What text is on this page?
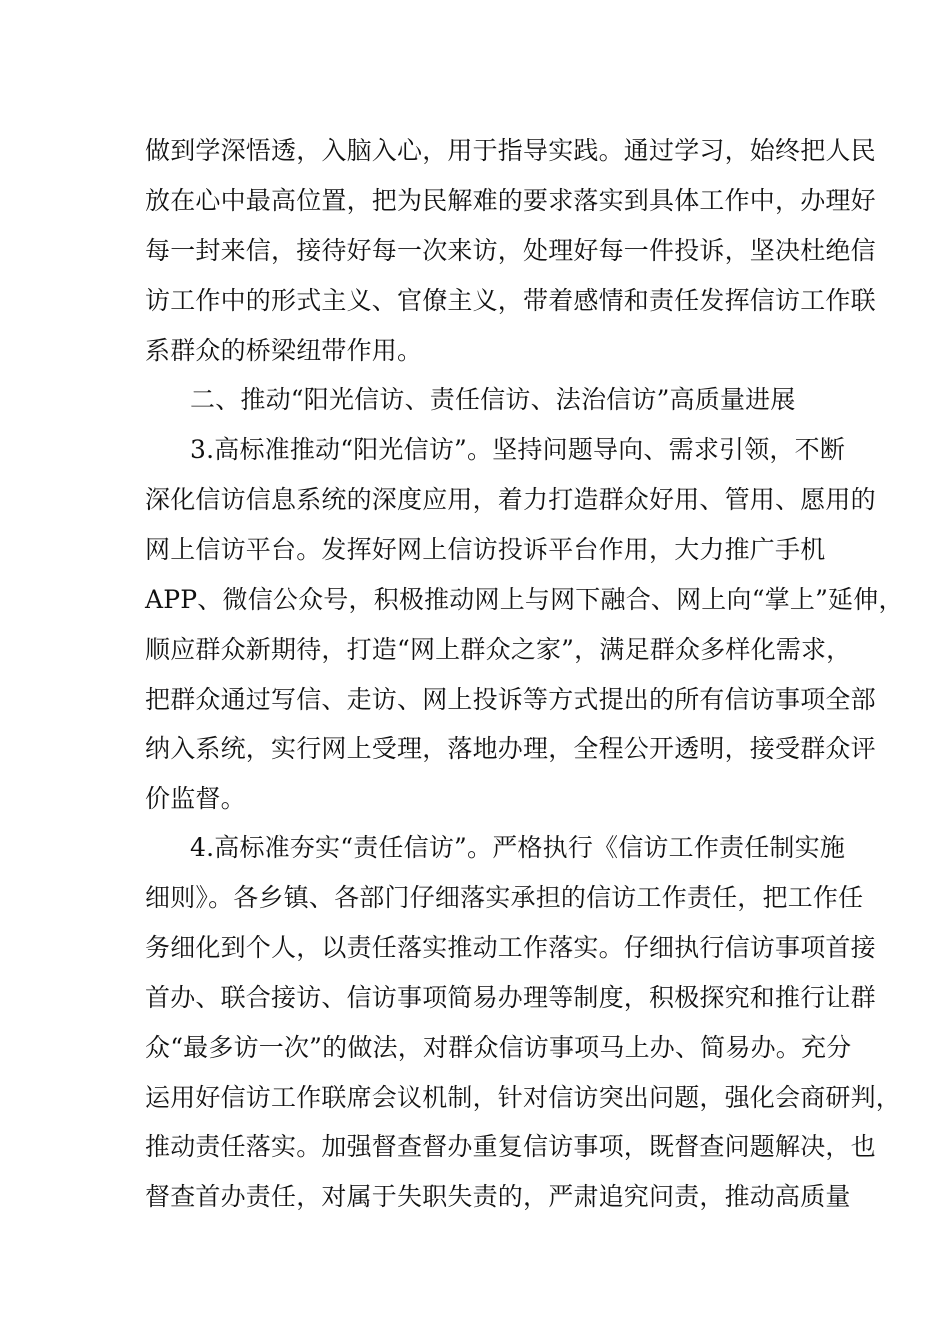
做到学深悟透，入脑入心，用于指导实践。通过学习，始终把人民
放在心中最高位置，把为民解难的要求落实到具体工作中，办理好
每一封来信，接待好每一次来访，处理好每一件投诉，坚决杜绝信
访工作中的形式主义、官僚主义，带着感情和责任发挥信访工作联
系群众的桥梁纽带作用。
二、推动“阳光信访、责任信访、法治信访”高质量进展
3.高标准推动“阳光信访”。坚持问题导向、需求引领，不断
深化信访信息系统的深度应用，着力打造群众好用、管用、愿用的
网上信访平台。发挥好网上信访投诉平台作用，大力推广手机
APP、微信公众号，积极推动网上与网下融合、网上向“掌上”延伸，
顺应群众新期待，打造“网上群众之家”，满足群众多样化需求，
把群众通过写信、走访、网上投诉等方式提出的所有信访事项全部
纳入系统，实行网上受理，落地办理，全程公开透明，接受群众评
价监督。
4.高标准夯实“责任信访”。严格执行《信访工作责任制实施
细则》。各乡镇、各部门仔细落实承担的信访工作责任，把工作任
务细化到个人，以责任落实推动工作落实。仔细执行信访事项首接
首办、联合接访、信访事项简易办理等制度，积极探究和推行让群
众“最多访一次”的做法，对群众信访事项马上办、简易办。充分
运用好信访工作联席会议机制，针对信访突出问题，强化会商研判，
推动责任落实。加强督查督办重复信访事项，既督查问题解决，也
督查首办责任，对属于失职失责的，严肃追究问责，推动高质量
